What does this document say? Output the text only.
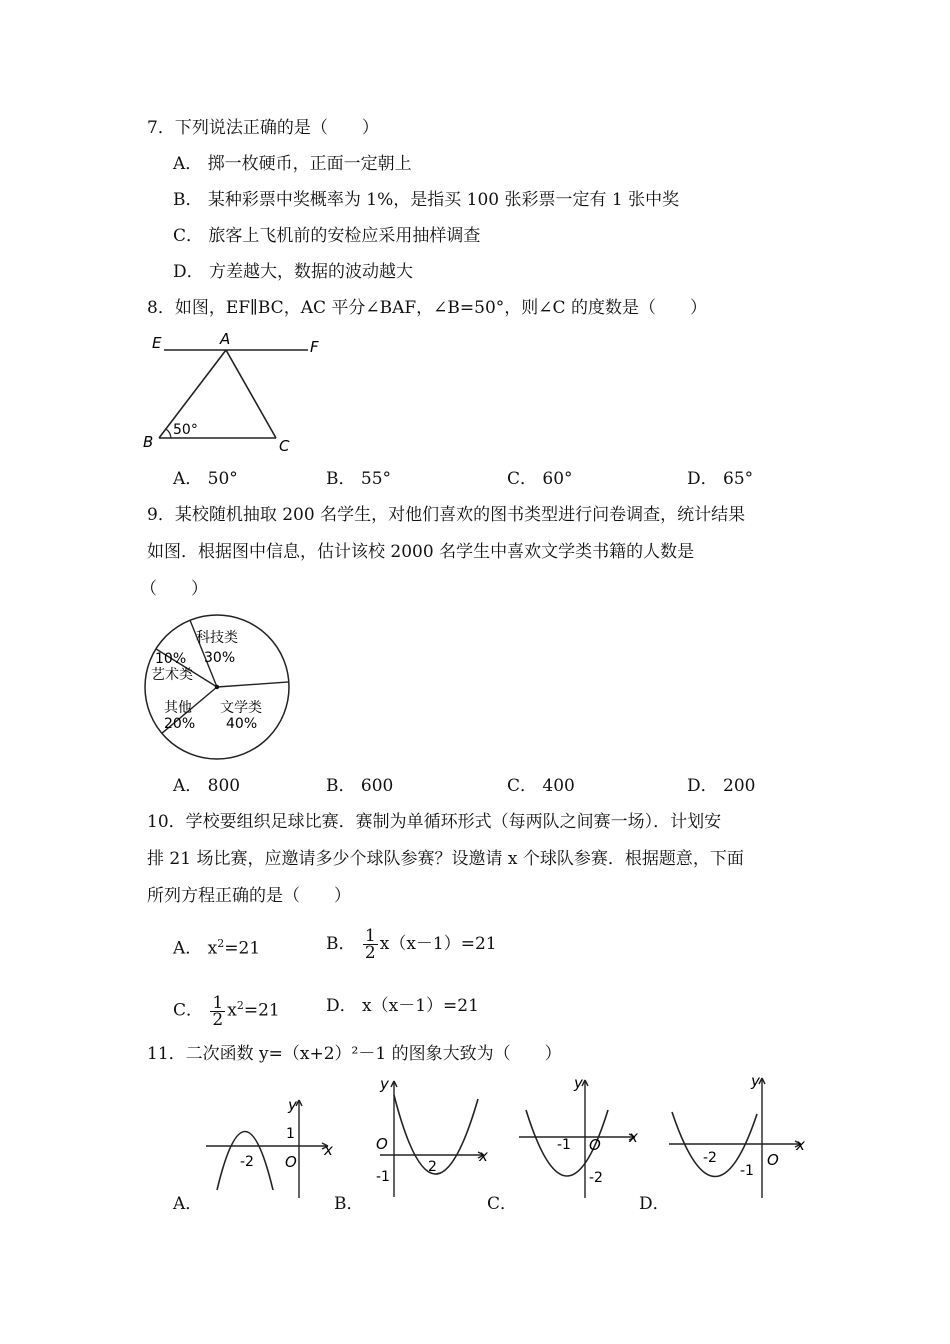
7．下列说法正确的是（　　）
A． 掷一枚硬币，正面一定朝上
B． 某种彩票中奖概率为 1%，是指买 100 张彩票一定有 1 张中奖
C． 旅客上飞机前的安检应采用抽样调查
D． 方差越大，数据的波动越大
8．如图，EF∥BC，AC 平分∠BAF，∠B=50°，则∠C 的度数是（　　）
E	A	F
B	C
50°
A． 50°	B． 55°	C． 60°	D． 65°
9．某校随机抽取 200 名学生，对他们喜欢的图书类型进行问卷调查，统计结果
如图．根据图中信息，估计该校 2000 名学生中喜欢文学类书籍的人数是
（　　）
科技类
30%
10%
艺术类
其他
20%
文学类
40%
A． 800	B． 600	C． 400	D． 200
10．学校要组织足球比赛．赛制为单循环形式（每两队之间赛一场）．计划安
排 21 场比赛，应邀请多少个球队参赛？设邀请 x 个球队参赛．根据题意，下面
所列方程正确的是（　　）
A． $x^2=21$	B． $\frac{1}{2} x(x-1)=21$
C． $\frac{1}{2} x^2=21$	D． x（x－1）=21
11．二次函数 y=（x+2）²－1 的图象大致为（　　）
y
x
O
1
-2
y
x
O
-1
2
y
x
O
-1
-2
y
x
O
-2
-1
A．	B．	C．	D．
